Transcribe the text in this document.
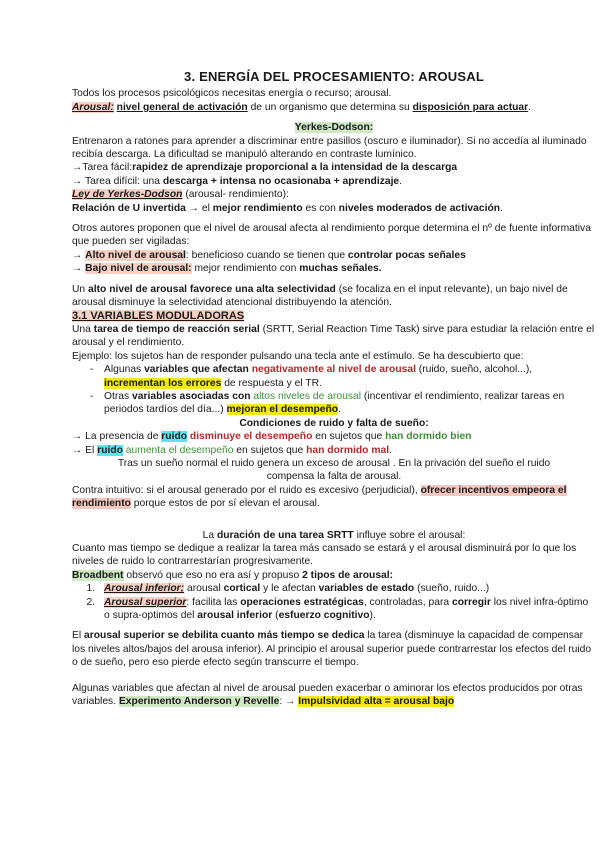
3. ENERGÍA DEL PROCESAMIENTO: AROUSAL

Todos los procesos psicológicos necesitas energía o recurso; arousal.

Arousal: nivel general de activación de un organismo que determina su disposición para actuar.

Yerkes-Dodson:

Entrenaron a ratones para aprender a discriminar entre pasillos (oscuro e iluminador). Si no accedía al iluminado recibía descarga. La dificultad se manipuló alterando en contraste lumínico.

→Tarea fácil:rapidez de aprendizaje proporcional a la intensidad de la descarga

→ Tarea difícil: una descarga + intensa no ocasionaba + aprendizaje.

Ley de Yerkes-Dodson (arousal- rendimiento):

Relación de U invertida → el mejor rendimiento es con niveles moderados de activación.

Otros autores proponen que el nivel de arousal afecta al rendimiento porque determina el nº de fuente informativa que pueden ser vigiladas:

→ Alto nivel de arousal: beneficioso cuando se tienen que controlar pocas señales

→ Bajo nivel de arousal: mejor rendimiento con muchas señales.

Un alto nivel de arousal favorece una alta selectividad (se focaliza en el input relevante), un bajo nivel de arousal disminuye la selectividad atencional distribuyendo la atención.

3.1 VARIABLES MODULADORAS

Una tarea de tiempo de reacción serial (SRTT, Serial Reaction Time Task) sirve para estudiar la relación entre el arousal y el rendimiento.

Ejemplo: los sujetos han de responder pulsando una tecla ante el estímulo. Se ha descubierto que:

- Algunas variables que afectan negativamente al nivel de arousal (ruido, sueño, alcohol...), incrementan los errores de respuesta y el TR.
- Otras variables asociadas con altos niveles de arousal (incentivar el rendimiento, realizar tareas en periodos tardíos del día...) mejoran el desempeño.

Condiciones de ruido y falta de sueño:

→ La presencia de ruido disminuye el desempeño en sujetos que han dormido bien

→ El ruido aumenta el desempeño en sujetos que han dormido mal.

Tras un sueño normal el ruido genera un exceso de arousal . En la privación del sueño el ruido

compensa la falta de arousal.

Contra intuitivo: si el arousal generado por el ruido es excesivo (perjudicial), ofrecer incentivos empeora el rendimiento porque estos de por sí elevan el arousal.

La duración de una tarea SRTT influye sobre el arousal:

Cuanto mas tiempo se dedique a realizar la tarea más cansado se estará y el arousal disminuirá por lo que los niveles de ruido lo contrarrestarían progresivamente.

Broadbent observó que eso no era así y propuso 2 tipos de arousal:

1. Arousal inferior; arousal cortical y le afectan variables de estado (sueño, ruido...)
2. Arousal superior: facilita las operaciones estratégicas, controladas, para corregir los nivel infra-óptimo o supra-optimos del arousal inferior (esfuerzo cognitivo).

El arousal superior se debilita cuanto más tiempo se dedica la tarea (disminuye la capacidad de compensar los niveles altos/bajos del arousa inferior). Al principio el arousal superior puede contrarrestar los efectos del ruido o de sueño, pero eso pierde efecto según transcurre el tiempo.

Algunas variables que afectan al nivel de arousal pueden exacerbar o aminorar los efectos producidos por otras variables. Experimento Anderson y Revelle: → Impulsividad alta = arousal bajo
